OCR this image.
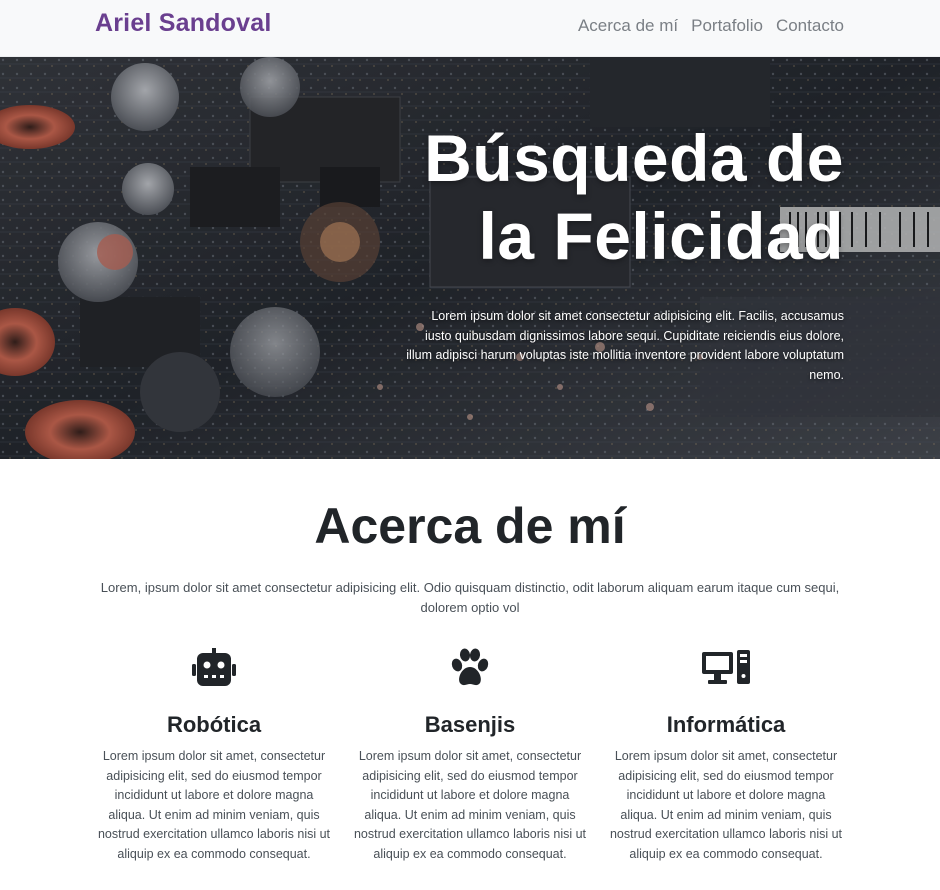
Ariel Sandoval	Acerca de mí Portafolio Contacto
Búsqueda de
la Felicidad

Lorem ipsum dolor sit amet consectetur adipisicing elit. Facilis, accusamus iusto quibusdam dignissimos labore sequi. Cupiditate reiciendis eius dolore, illum adipisci harum voluptas iste mollitia inventore provident labore voluptatum nemo.

Acerca de mí

Lorem, ipsum dolor sit amet consectetur adipisicing elit. Odio quisquam distinctio, odit laborum aliquam earum itaque cum sequi, dolorem optio vol

Robótica
Lorem ipsum dolor sit amet, consectetur adipisicing elit, sed do eiusmod tempor incididunt ut labore et dolore magna aliqua. Ut enim ad minim veniam, quis nostrud exercitation ullamco laboris nisi ut aliquip ex ea commodo consequat.
Basenjis
Lorem ipsum dolor sit amet, consectetur adipisicing elit, sed do eiusmod tempor incididunt ut labore et dolore magna aliqua. Ut enim ad minim veniam, quis nostrud exercitation ullamco laboris nisi ut aliquip ex ea commodo consequat.
Informática
Lorem ipsum dolor sit amet, consectetur adipisicing elit, sed do eiusmod tempor incididunt ut labore et dolore magna aliqua. Ut enim ad minim veniam, quis nostrud exercitation ullamco laboris nisi ut aliquip ex ea commodo consequat.
